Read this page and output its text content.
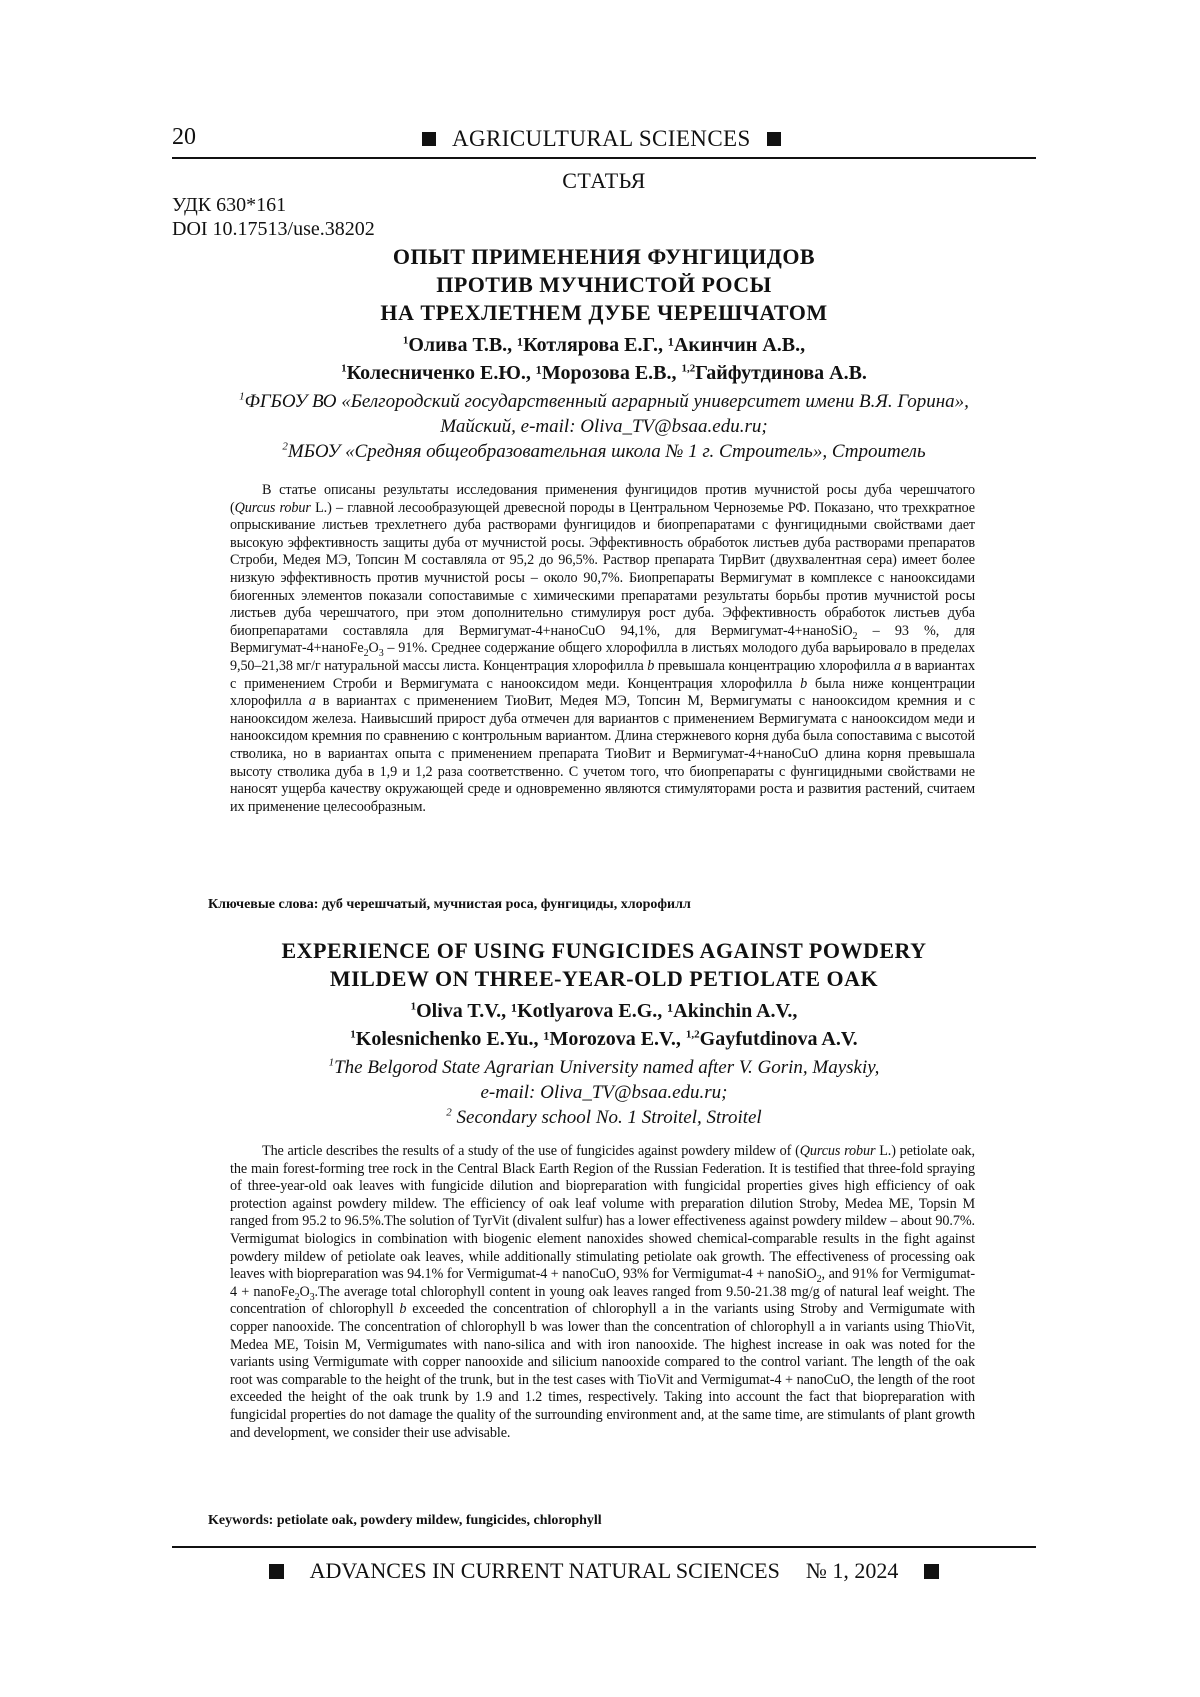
20	AGRICULTURAL SCIENCES
СТАТЬЯ
УДК 630*161
DOI 10.17513/use.38202
ОПЫТ ПРИМЕНЕНИЯ ФУНГИЦИДОВ
ПРОТИВ МУЧНИСТОЙ РОСЫ
НА ТРЕХЛЕТНЕМ ДУБЕ ЧЕРЕШЧАТОМ
$^1$Олива Т.В., ¹Котлярова Е.Г., ¹Акинчин А.В.,
$^1$Колесниченко Е.Ю., ¹Морозова Е.В., $^{1,2}$Гайфутдинова А.В.
$^1$ФГБОУ ВО «Белгородский государственный аграрный университет имени В.Я. Горина»,
Майский, e-mail: Oliva_TV@bsaa.edu.ru;
$^2$МБОУ «Средняя общеобразовательная школа № 1 г. Строитель», Строитель
В статье описаны результаты исследования применения фунгицидов против мучнистой росы дуба черешчатого (Qurcus robur L.) – главной лесообразующей древесной породы в Центральном Черноземье РФ. Показано, что трехкратное опрыскивание листьев трехлетнего дуба растворами фунгицидов и биопрепаратами с фунгицидными свойствами дает высокую эффективность защиты дуба от мучнистой росы. Эффективность обработок листьев дуба растворами препаратов Строби, Медея МЭ, Топсин М составляла от 95,2 до 96,5%. Раствор препарата ТирВит (двухвалентная сера) имеет более низкую эффективность против мучнистой росы – около 90,7%. Биопрепараты Вермигумат в комплексе с нанооксидами биогенных элементов показали сопоставимые с химическими препаратами результаты борьбы против мучнистой росы листьев дуба черешчатого, при этом дополнительно стимулируя рост дуба. Эффективность обработок листьев дуба биопрепаратами составляла для Вермигумат-4+наноCuO 94,1%, для Вермигумат-4+наноSiO$_2$ – 93 %, для Вермигумат-$4+наноFe_2O_3 - 91\%$. Среднее содержание общего хлорофилла в листьях молодого дуба варьировало в пределах 9,50–21,38 мг/г натуральной массы листа. Концентрация хлорофилла b превышала концентрацию хлорофилла a в вариантах с применением Строби и Вермигумата с нанооксидом меди. Концентрация хлорофилла b была ниже концентрации хлорофилла a в вариантах с применением ТиоВит, Медея МЭ, Топсин М, Вермигуматы с нанооксидом кремния и с нанооксидом железа. Наивысший прирост дуба отмечен для вариантов с применением Вермигумата с нанооксидом меди и нанооксидом кремния по сравнению с контрольным вариантом. Длина стержневого корня дуба была сопоставима с высотой стволика, но в вариантах опыта с применением препарата ТиоВит и Вермигумат-4+наноCuO длина корня превышала высоту стволика дуба в 1,9 и 1,2 раза соответственно. С учетом того, что биопрепараты с фунгицидными свойствами не наносят ущерба качеству окружающей среде и одновременно являются стимуляторами роста и развития растений, считаем их применение целесообразным.
Ключевые слова: дуб черешчатый, мучнистая роса, фунгициды, хлорофилл
EXPERIENCE OF USING FUNGICIDES AGAINST POWDERY
MILDEW ON THREE-YEAR-OLD PETIOLATE OAK
$^1$Oliva T.V., ¹Kotlyarova E.G., ¹Akinchin A.V.,
$^1$Kolesnichenko E.Yu., ¹Morozova E.V., $^{1,2}$Gayfutdinova A.V.
$^1$The Belgorod State Agrarian University named after V. Gorin, Mayskiy,
e-mail: Oliva_TV@bsaa.edu.ru;
$^2$ Secondary school No. 1 Stroitel, Stroitel
The article describes the results of a study of the use of fungicides against powdery mildew of (Qurcus robur L.) petiolate oak, the main forest-forming tree rock in the Central Black Earth Region of the Russian Federation. It is testified that three-fold spraying of three-year-old oak leaves with fungicide dilution and biopreparation with fungicidal properties gives high efficiency of oak protection against powdery mildew. The efficiency of oak leaf volume with preparation dilution Stroby, Medea ME, Topsin M ranged from 95.2 to 96.5%.The solution of TyrVit (divalent sulfur) has a lower effectiveness against powdery mildew – about 90.7%. Vermigumat biologics in combination with biogenic element nanoxides showed chemical-comparable results in the fight against powdery mildew of petiolate oak leaves, while additionally stimulating petiolate oak growth. The effectiveness of processing oak leaves with biopreparation was 94.1% for Vermigumat-4 + nanoCuO, 93% for Vermigumat-4 + nanoSiO$_2$, and 91% for Vermigumat-4 + $nanoFe_2O_3.The$ average total chlorophyll content in young oak leaves ranged from 9.50-21.38 mg/g of natural leaf weight. The concentration of chlorophyll b exceeded the concentration of chlorophyll a in the variants using Stroby and Vermigumate with copper nanooxide. The concentration of chlorophyll b was lower than the concentration of chlorophyll a in variants using ThioVit, Medea ME, Toisin M, Vermigumates with nano-silica and with iron nanooxide. The highest increase in oak was noted for the variants using Vermigumate with copper nanooxide and silicium nanooxide compared to the control variant. The length of the oak root was comparable to the height of the trunk, but in the test cases with TioVit and Vermigumat-4 + nanoCuO, the length of the root exceeded the height of the oak trunk by 1.9 and 1.2 times, respectively. Taking into account the fact that biopreparation with fungicidal properties do not damage the quality of the surrounding environment and, at the same time, are stimulants of plant growth and development, we consider their use advisable.
Keywords: petiolate oak, powdery mildew, fungicides, chlorophyll
ADVANCES IN CURRENT NATURAL SCIENCES № 1, 2024
